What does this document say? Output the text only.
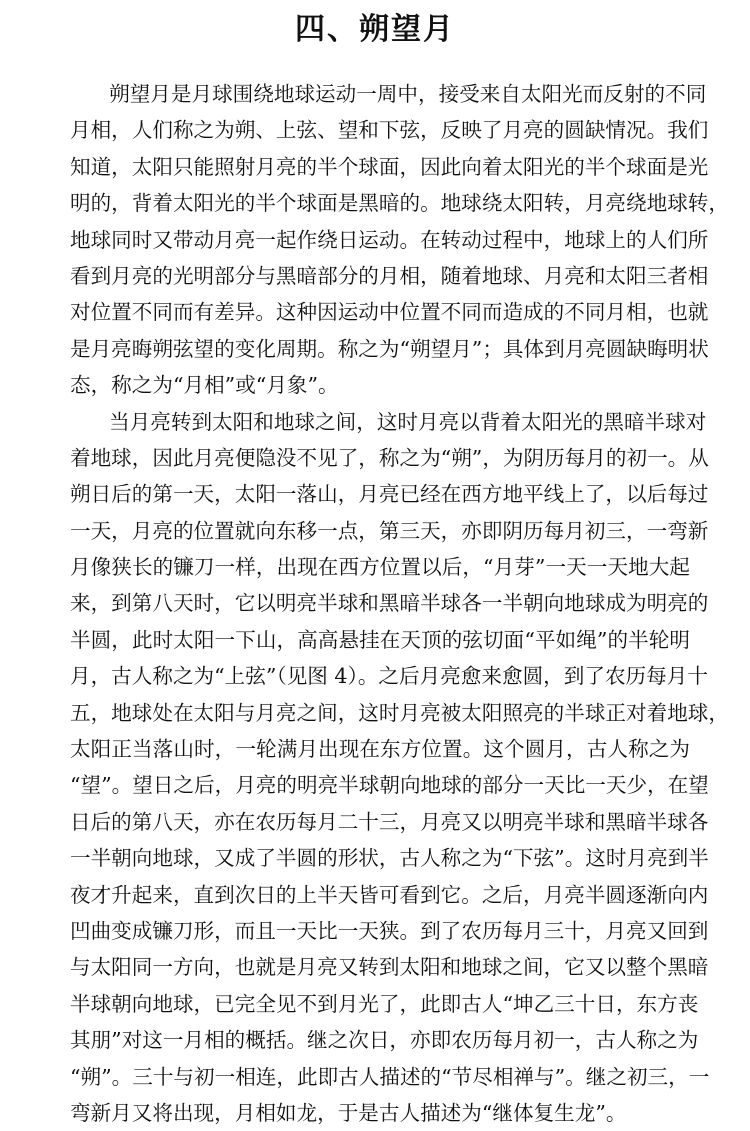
四、朔望月
朔望月是月球围绕地球运动一周中，接受来自太阳光而反射的不同
月相，人们称之为朔、上弦、望和下弦，反映了月亮的圆缺情况。我们
知道，太阳只能照射月亮的半个球面，因此向着太阳光的半个球面是光
明的，背着太阳光的半个球面是黑暗的。地球绕太阳转，月亮绕地球转，
地球同时又带动月亮一起作绕日运动。在转动过程中，地球上的人们所
看到月亮的光明部分与黑暗部分的月相，随着地球、月亮和太阳三者相
对位置不同而有差异。这种因运动中位置不同而造成的不同月相，也就
是月亮晦朔弦望的变化周期。称之为“朔望月”；具体到月亮圆缺晦明状
态，称之为“月相”或“月象”。
当月亮转到太阳和地球之间，这时月亮以背着太阳光的黑暗半球对
着地球，因此月亮便隐没不见了，称之为“朔”，为阴历每月的初一。从
朔日后的第一天，太阳一落山，月亮已经在西方地平线上了，以后每过
一天，月亮的位置就向东移一点，第三天，亦即阴历每月初三，一弯新
月像狭长的镰刀一样，出现在西方位置以后，“月芽”一天一天地大起
来，到第八天时，它以明亮半球和黑暗半球各一半朝向地球成为明亮的
半圆，此时太阳一下山，高高悬挂在天顶的弦切面“平如绳”的半轮明
月，古人称之为“上弦”（见图 4）。之后月亮愈来愈圆，到了农历每月十
五，地球处在太阳与月亮之间，这时月亮被太阳照亮的半球正对着地球，
太阳正当落山时，一轮满月出现在东方位置。这个圆月，古人称之为
“望”。望日之后，月亮的明亮半球朝向地球的部分一天比一天少，在望
日后的第八天，亦在农历每月二十三，月亮又以明亮半球和黑暗半球各
一半朝向地球，又成了半圆的形状，古人称之为“下弦”。这时月亮到半
夜才升起来，直到次日的上半天皆可看到它。之后，月亮半圆逐渐向内
凹曲变成镰刀形，而且一天比一天狭。到了农历每月三十，月亮又回到
与太阳同一方向，也就是月亮又转到太阳和地球之间，它又以整个黑暗
半球朝向地球，已完全见不到月光了，此即古人“坤乙三十日，东方丧
其朋”对这一月相的概括。继之次日，亦即农历每月初一，古人称之为
“朔”。三十与初一相连，此即古人描述的“节尽相禅与”。继之初三，一
弯新月又将出现，月相如龙，于是古人描述为“继体复生龙”。
